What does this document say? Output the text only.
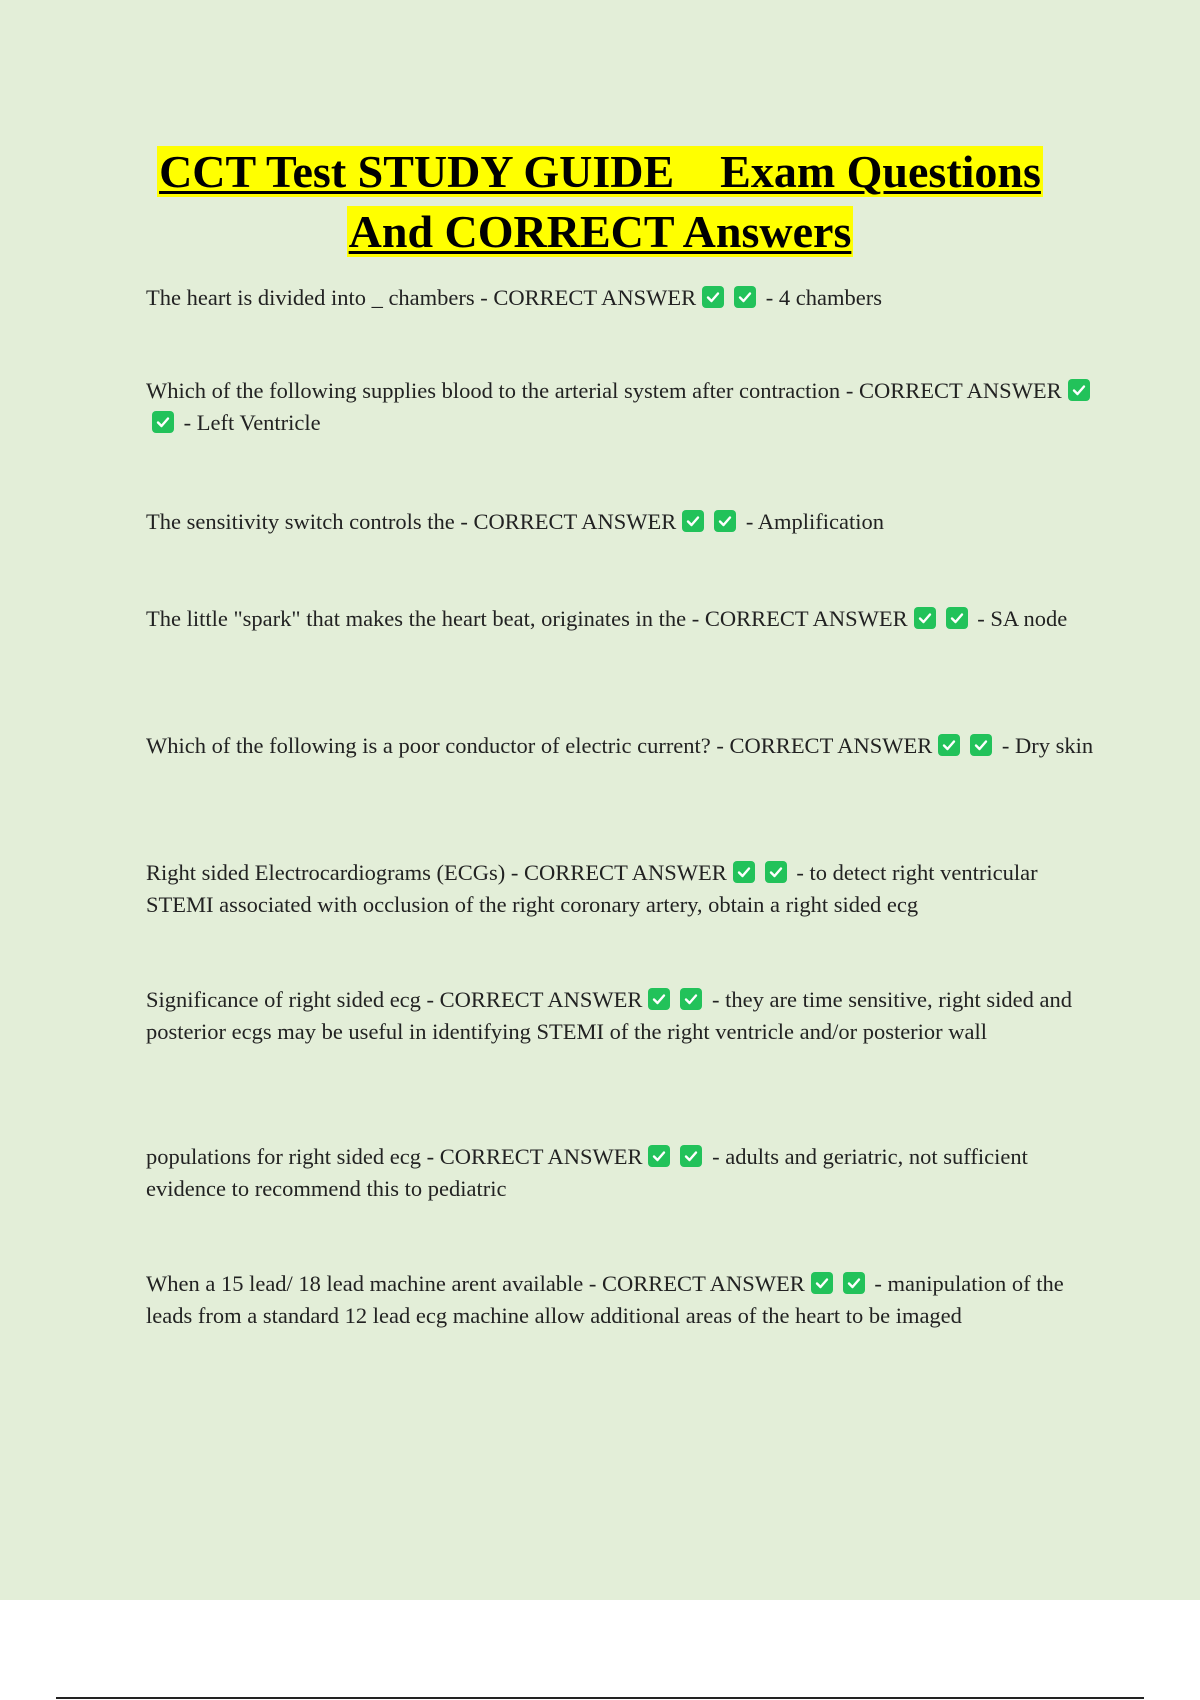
CCT Test STUDY GUIDE    Exam Questions
And CORRECT Answers
The heart is divided into _ chambers - CORRECT ANSWER	- 4 chambers
Which of the following supplies blood to the arterial system after contraction - CORRECT ANSWER
- Left Ventricle
The sensitivity switch controls the - CORRECT ANSWER	- Amplification
The little "spark" that makes the heart beat, originates in the - CORRECT ANSWER	- SA node
Which of the following is a poor conductor of electric current? - CORRECT ANSWER	- Dry skin
Right sided Electrocardiograms (ECGs) - CORRECT ANSWER	- to detect right ventricular STEMI associated with occlusion of the right coronary artery, obtain a right sided ecg
Significance of right sided ecg - CORRECT ANSWER	- they are time sensitive, right sided and posterior ecgs may be useful in identifying STEMI of the right ventricle and/or posterior wall
populations for right sided ecg - CORRECT ANSWER	- adults and geriatric, not sufficient evidence to recommend this to pediatric
When a 15 lead/ 18 lead machine arent available - CORRECT ANSWER	- manipulation of the leads from a standard 12 lead ecg machine allow additional areas of the heart to be imaged
